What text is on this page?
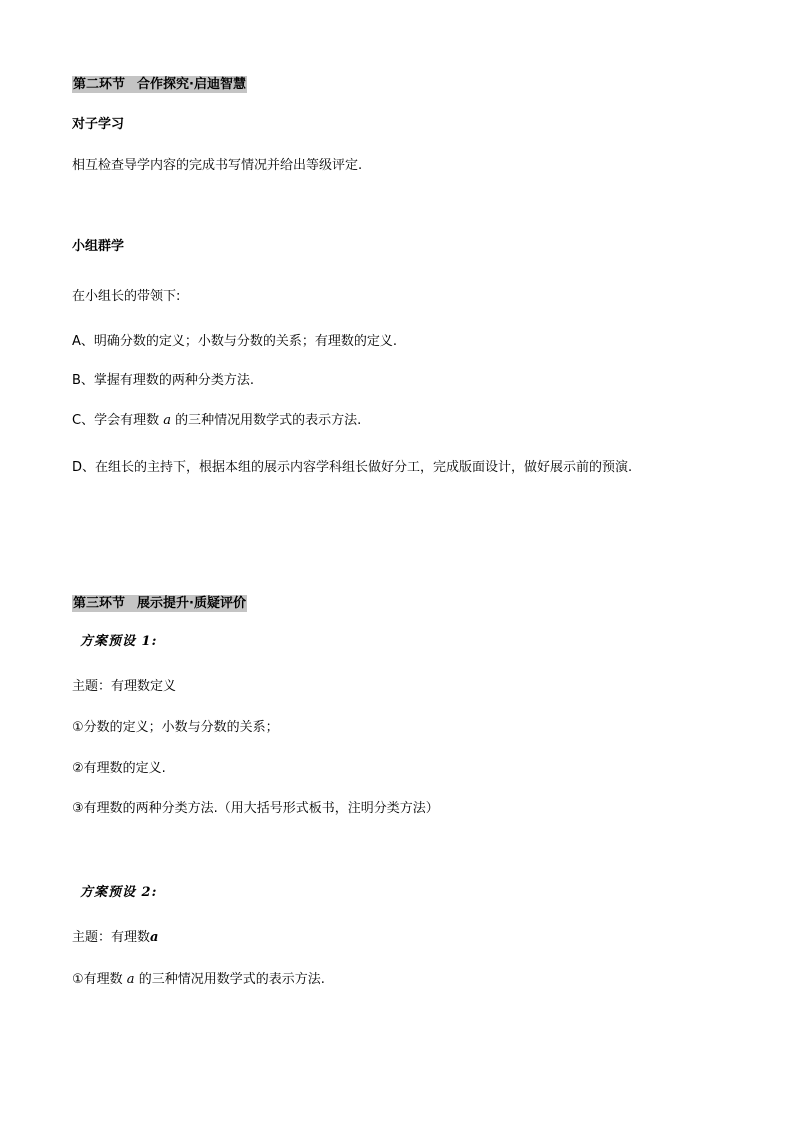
第二环节 合作探究·启迪智慧
对子学习
相互检查导学内容的完成书写情况并给出等级评定.
小组群学
在小组长的带领下:
A、明确分数的定义；小数与分数的关系；有理数的定义.
B、掌握有理数的两种分类方法.
C、学会有理数 a 的三种情况用数学式的表示方法.
D、在组长的主持下，根据本组的展示内容学科组长做好分工，完成版面设计，做好展示前的预演.
第三环节 展示提升·质疑评价
方案预设 1:
主题：有理数定义
①分数的定义；小数与分数的关系；
②有理数的定义.
③有理数的两种分类方法.（用大括号形式板书，注明分类方法）
方案预设 2:
主题：有理数a
①有理数 a 的三种情况用数学式的表示方法.
